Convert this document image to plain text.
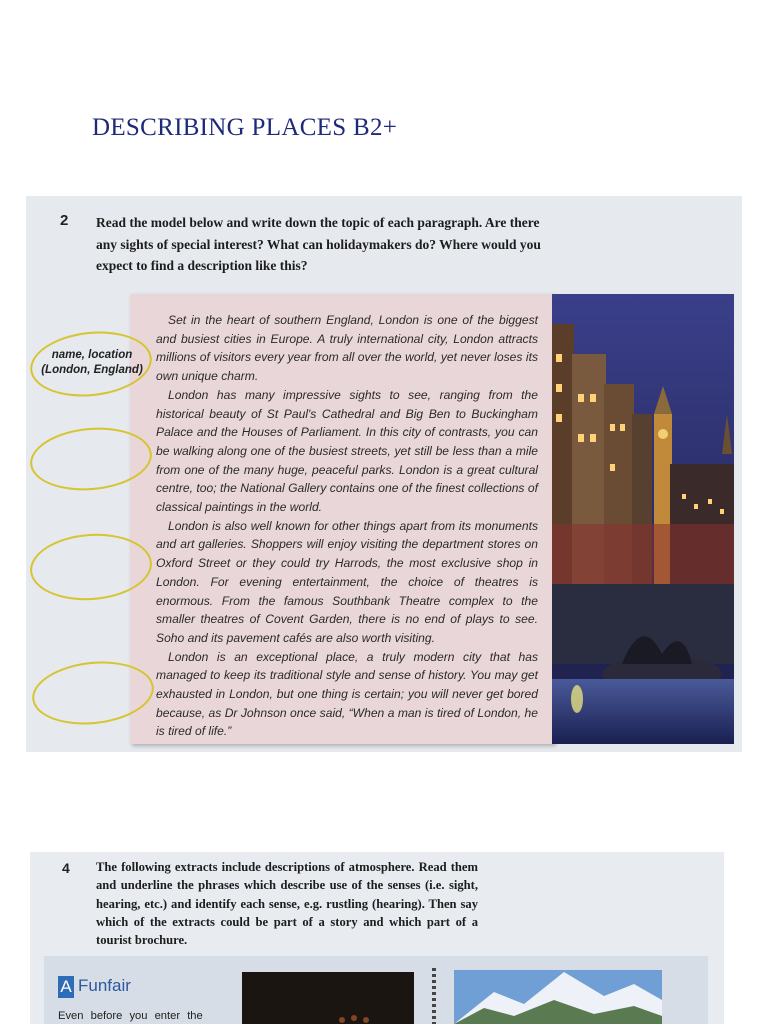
DESCRIBING PLACES B2+
2 Read the model below and write down the topic of each paragraph. Are there any sights of special interest? What can holidaymakers do? Where would you expect to find a description like this?

Set in the heart of southern England, London is one of the biggest and busiest cities in Europe. A truly international city, London attracts millions of visitors every year from all over the world, yet never loses its own unique charm.

London has many impressive sights to see, ranging from the historical beauty of St Paul's Cathedral and Big Ben to Buckingham Palace and the Houses of Parliament. In this city of contrasts, you can be walking along one of the busiest streets, yet still be less than a mile from one of the many huge, peaceful parks. London is a great cultural centre, too; the National Gallery contains one of the finest collections of classical paintings in the world.

London is also well known for other things apart from its monuments and art galleries. Shoppers will enjoy visiting the department stores on Oxford Street or they could try Harrods, the most exclusive shop in London. For evening entertainment, the choice of theatres is enormous. From the famous Southbank Theatre complex to the smaller theatres of Covent Garden, there is no end of plays to see. Soho and its pavement cafés are also worth visiting.

London is an exceptional place, a truly modern city that has managed to keep its traditional style and sense of history. You may get exhausted in London, but one thing is certain; you will never get bored because, as Dr Johnson once said, “When a man is tired of London, he is tired of life.”

name, location
(London, England)
4 The following extracts include descriptions of atmosphere. Read them and underline the phrases which describe use of the senses (i.e. sight, hearing, etc.) and identify each sense, e.g. rustling (hearing). Then say which of the extracts could be part of a story and which part of a tourist brochure.
A Funfair
Even before you enter the
